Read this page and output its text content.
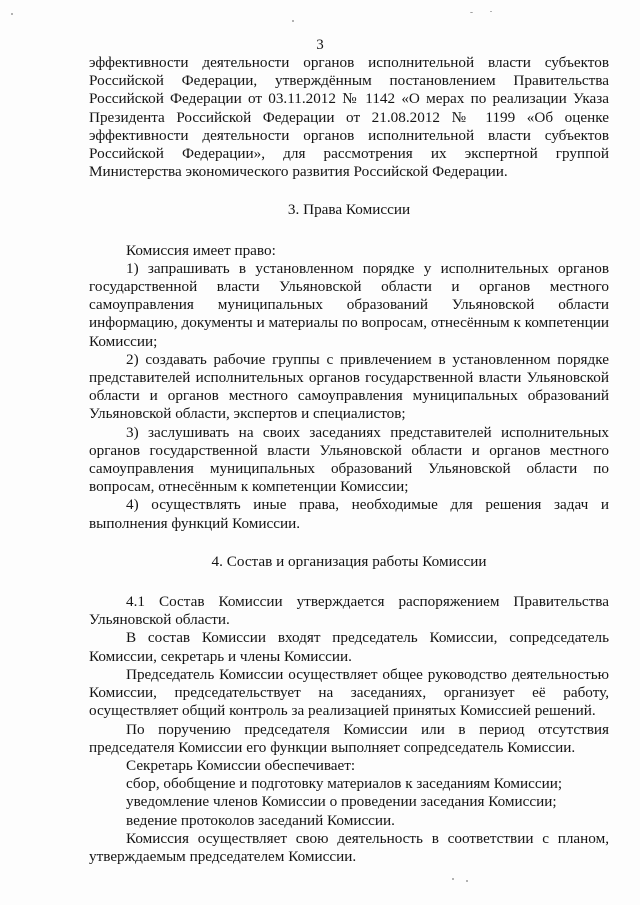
3

эффективности деятельности органов исполнительной власти субъектов Российской Федерации, утверждённым постановлением Правительства Российской Федерации от 03.11.2012 № 1142 «О мерах по реализации Указа Президента Российской Федерации от 21.08.2012 № 1199 «Об оценке эффективности деятельности органов исполнительной власти субъектов Российской Федерации», для рассмотрения их экспертной группой Министерства экономического развития Российской Федерации.

3. Права Комиссии

Комиссия имеет право:

1) запрашивать в установленном порядке у исполнительных органов государственной власти Ульяновской области и органов местного самоуправления муниципальных образований Ульяновской области информацию, документы и материалы по вопросам, отнесённым к компетенции Комиссии;

2) создавать рабочие группы с привлечением в установленном порядке представителей исполнительных органов государственной власти Ульяновской области и органов местного самоуправления муниципальных образований Ульяновской области, экспертов и специалистов;

3) заслушивать на своих заседаниях представителей исполнительных органов государственной власти Ульяновской области и органов местного самоуправления муниципальных образований Ульяновской области по вопросам, отнесённым к компетенции Комиссии;

4) осуществлять иные права, необходимые для решения задач и выполнения функций Комиссии.

4. Состав и организация работы Комиссии

4.1 Состав Комиссии утверждается распоряжением Правительства Ульяновской области.

В состав Комиссии входят председатель Комиссии, сопредседатель Комиссии, секретарь и члены Комиссии.

Председатель Комиссии осуществляет общее руководство деятельностью Комиссии, председательствует на заседаниях, организует её работу, осуществляет общий контроль за реализацией принятых Комиссией решений.

По поручению председателя Комиссии или в период отсутствия председателя Комиссии его функции выполняет сопредседатель Комиссии.

Секретарь Комиссии обеспечивает:

сбор, обобщение и подготовку материалов к заседаниям Комиссии;

уведомление членов Комиссии о проведении заседания Комиссии;

ведение протоколов заседаний Комиссии.

Комиссия осуществляет свою деятельность в соответствии с планом, утверждаемым председателем Комиссии.
